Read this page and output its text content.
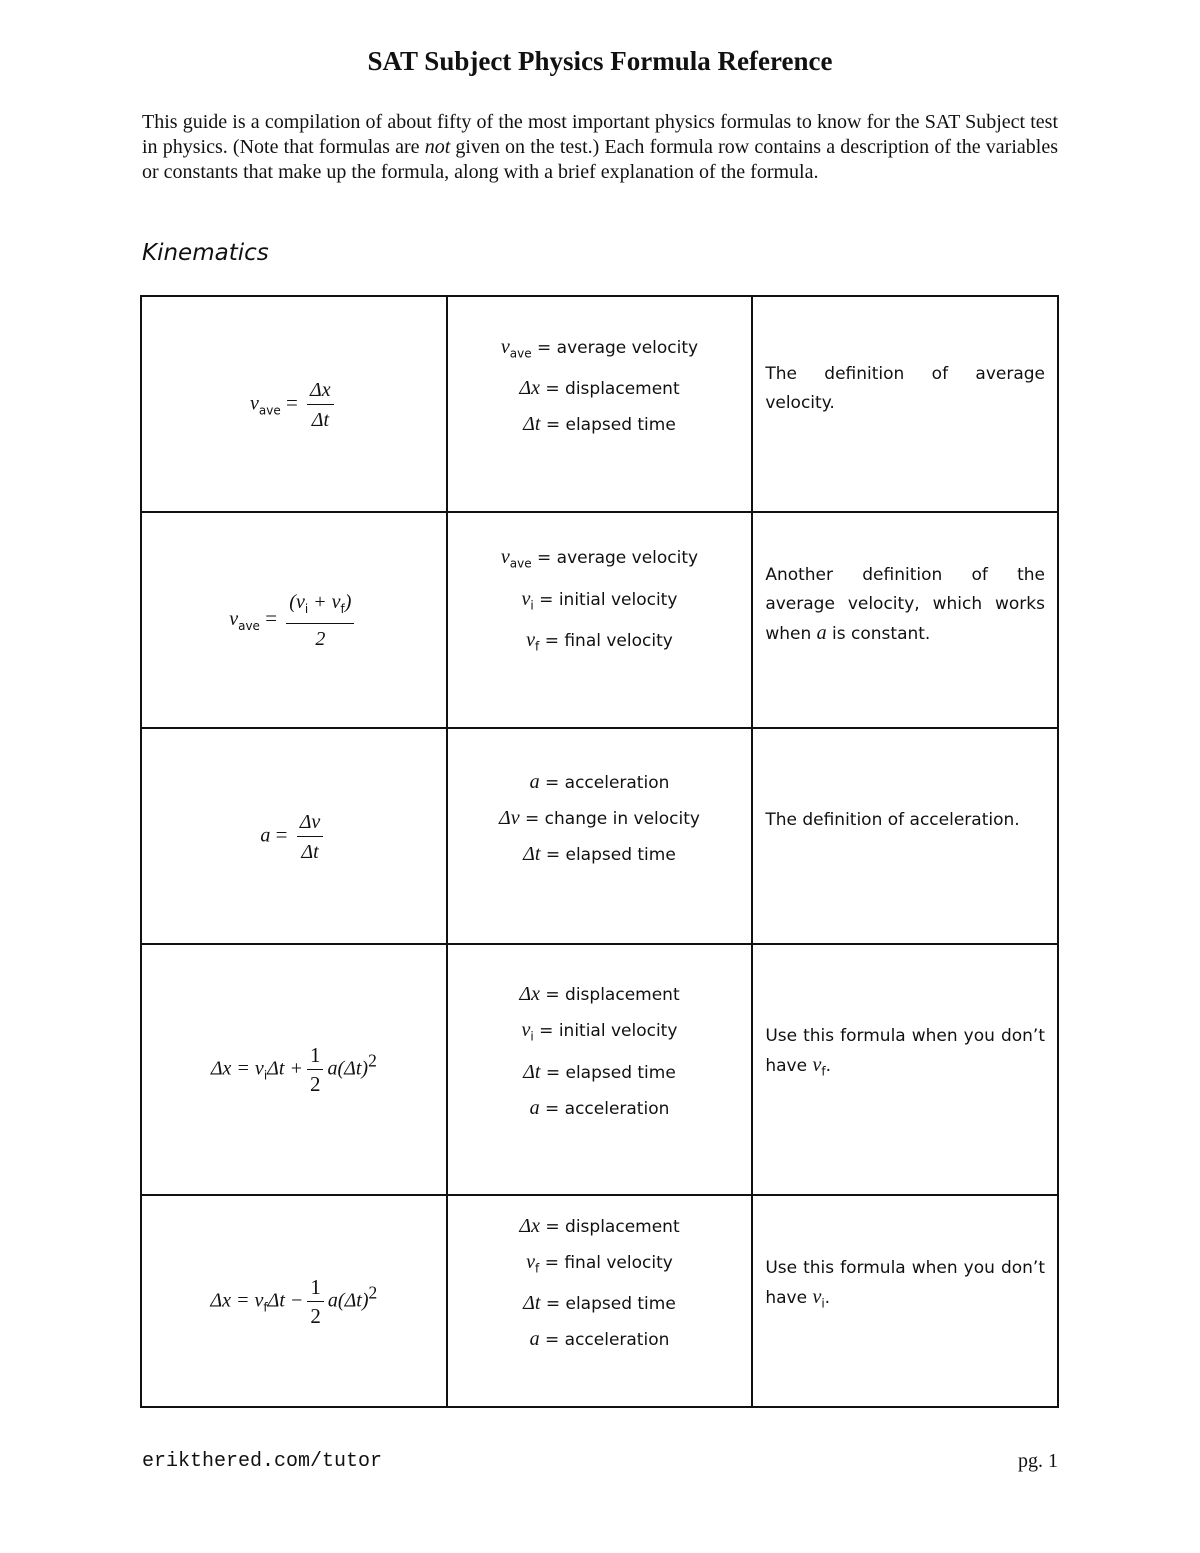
SAT Subject Physics Formula Reference
This guide is a compilation of about fifty of the most important physics formulas to know for the SAT Subject test in physics. (Note that formulas are not given on the test.) Each formula row contains a description of the variables or constants that make up the formula, along with a brief explanation of the formula.
Kinematics
$v_{ave} = \frac{\Delta x}{\Delta t}$	$v_{ave}$ = average velocity
Δx = displacement
Δt = elapsed time	The definition of average velocity.

$v_{ave} = \frac{(v_i + v_f)}{2}$	$v_{ave}$ = average velocity
$v_i$ = initial velocity
$v_f$ = final velocity	Another definition of the average velocity, which works when a is constant.

$a = \frac{\Delta v}{\Delta t}$	a = acceleration
Δv = change in velocity
Δt = elapsed time	The definition of acceleration.

$\Delta x = v_i\Delta t + \frac{1}{2} a(\Delta t)^2$	Δx = displacement
$v_i$ = initial velocity
Δt = elapsed time
a = acceleration	Use this formula when you don’t have $v_f$.

$\Delta x = v_f\Delta t - \frac{1}{2} a(\Delta t)^2$	Δx = displacement
$v_f$ = final velocity
Δt = elapsed time
a = acceleration	Use this formula when you don’t have $v_i$.
erikthered.com/tutor	pg. 1
